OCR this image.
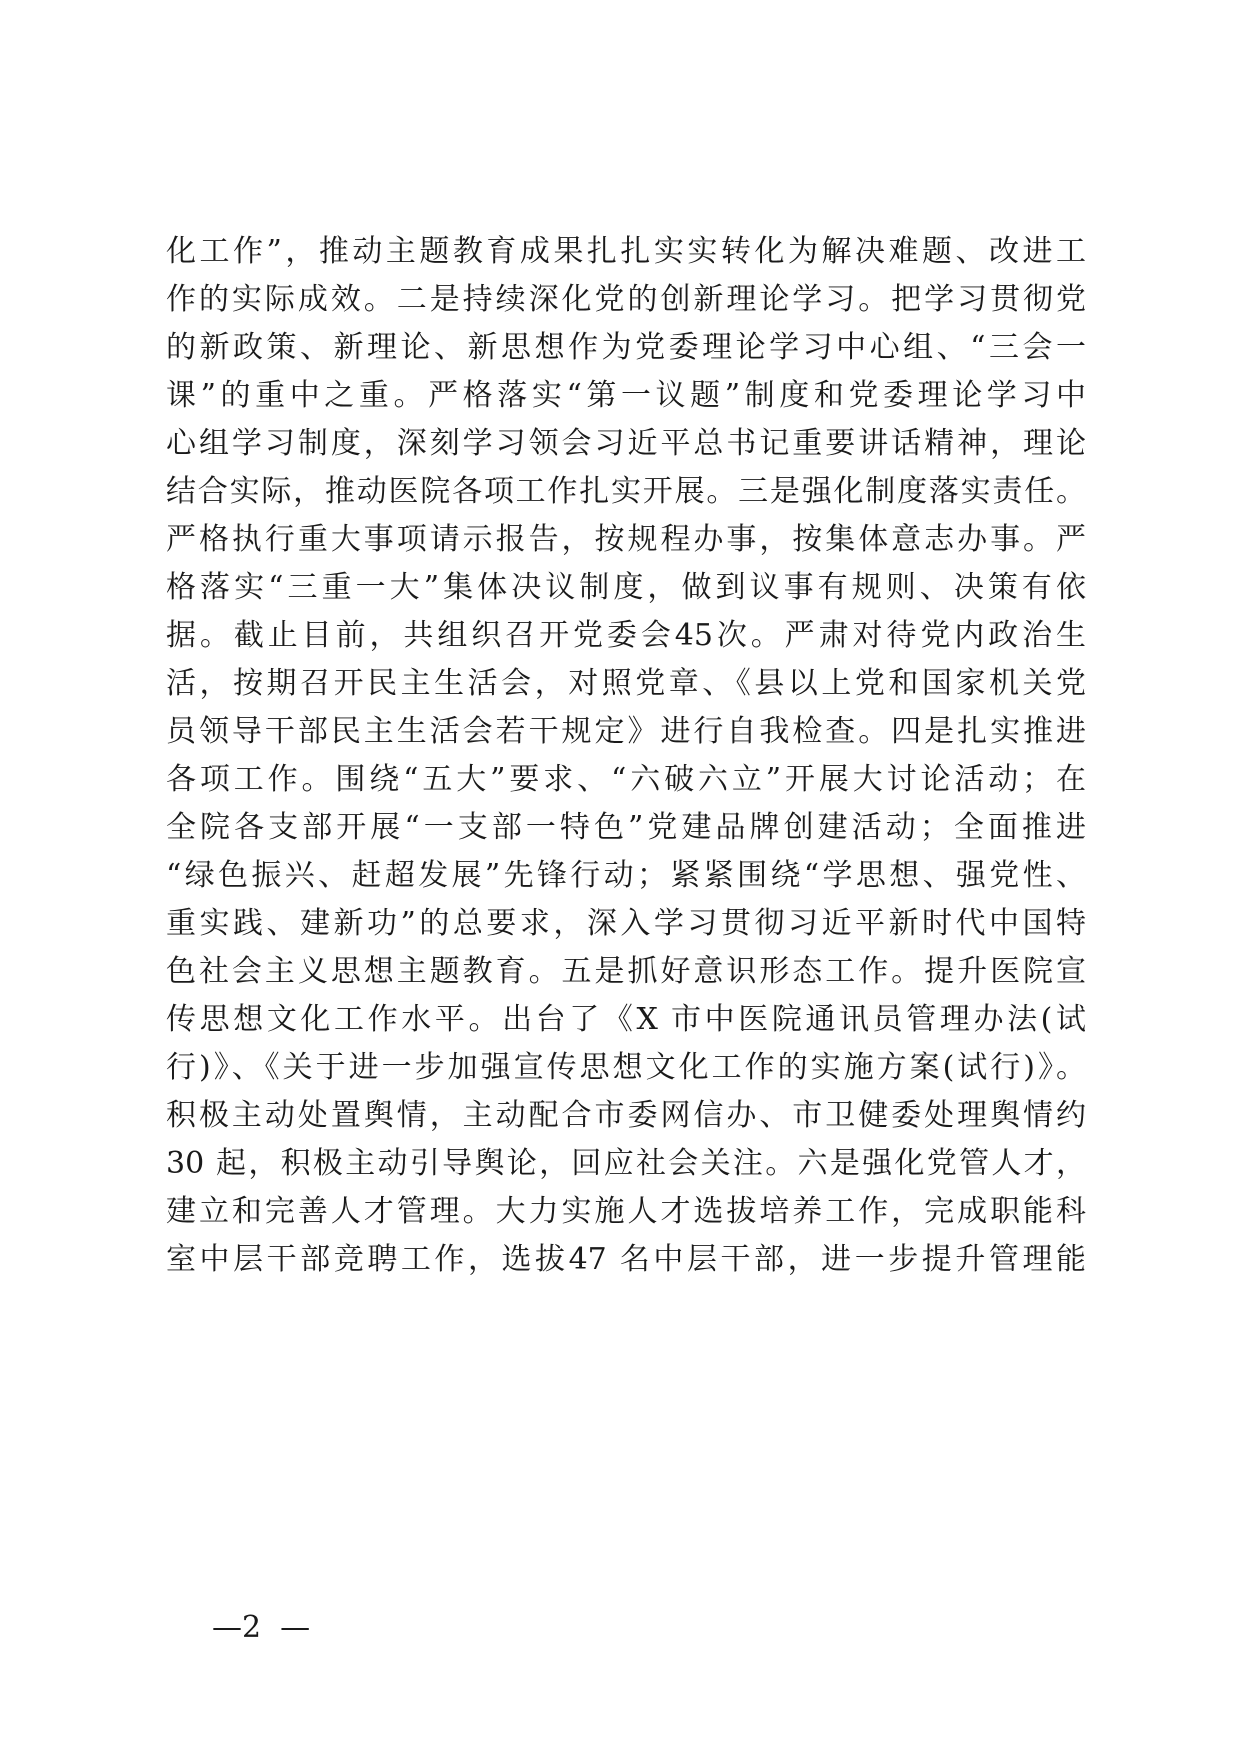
化工作”，推动主题教育成果扎扎实实转化为解决难题、改进工
作的实际成效。二是持续深化党的创新理论学习。把学习贯彻党
的新政策、新理论、新思想作为党委理论学习中心组、“三会一
课”的重中之重。严格落实“第一议题”制度和党委理论学习中
心组学习制度，深刻学习领会习近平总书记重要讲话精神，理论
结合实际，推动医院各项工作扎实开展。三是强化制度落实责任。
严格执行重大事项请示报告，按规程办事，按集体意志办事。严
格落实“三重一大”集体决议制度，做到议事有规则、决策有依
据。截止目前，共组织召开党委会45次。严肃对待党内政治生
活，按期召开民主生活会，对照党章、《县以上党和国家机关党
员领导干部民主生活会若干规定》进行自我检查。四是扎实推进
各项工作。围绕“五大”要求、“六破六立”开展大讨论活动；在
全院各支部开展“一支部一特色”党建品牌创建活动；全面推进
“绿色振兴、赶超发展”先锋行动；紧紧围绕“学思想、强党性、
重实践、建新功”的总要求，深入学习贯彻习近平新时代中国特
色社会主义思想主题教育。五是抓好意识形态工作。提升医院宣
传思想文化工作水平。出台了《X 市中医院通讯员管理办法(试
行)》、《关于进一步加强宣传思想文化工作的实施方案(试行)》。
积极主动处置舆情，主动配合市委网信办、市卫健委处理舆情约
30 起，积极主动引导舆论，回应社会关注。六是强化党管人才，
建立和完善人才管理。大力实施人才选拔培养工作，完成职能科
室中层干部竞聘工作，选拔47 名中层干部，进一步提升管理能
—2  —
